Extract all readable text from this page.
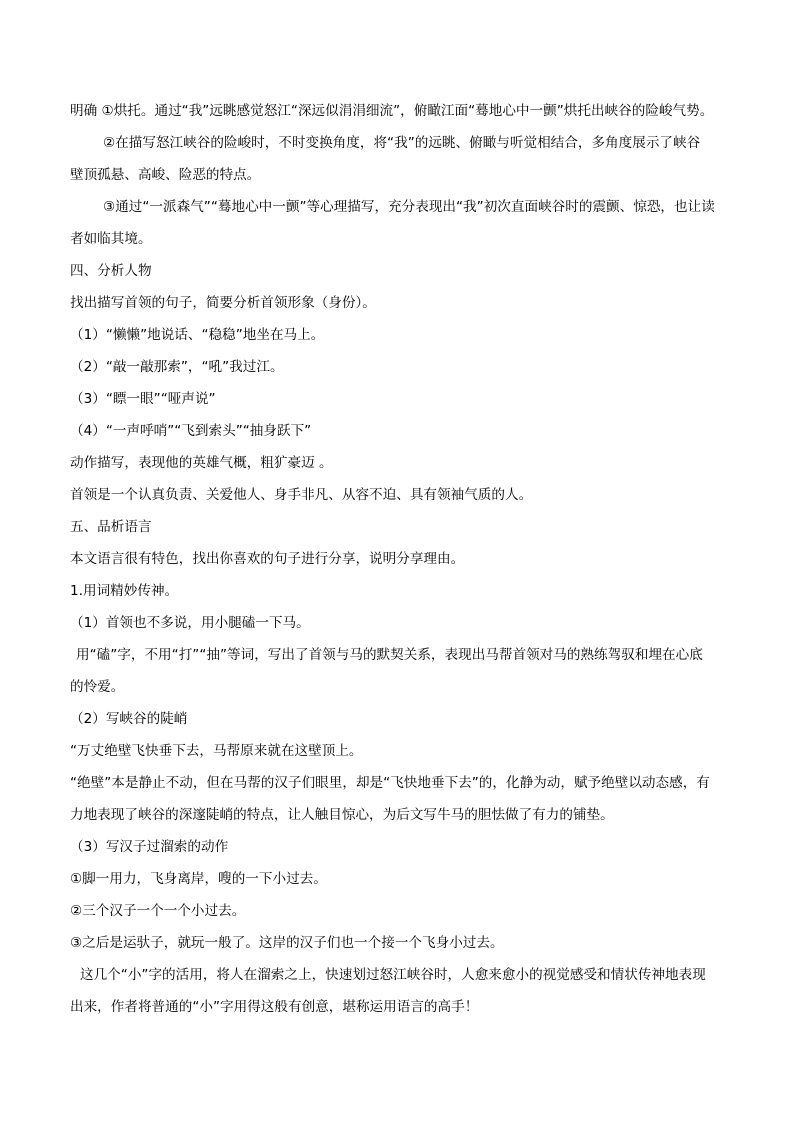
明确 ①烘托。通过“我”远眺感觉怒江“深远似涓涓细流”，俯瞰江面“蓦地心中一颤”烘托出峡谷的险峻气势。
②在描写怒江峡谷的险峻时，不时变换角度，将“我”的远眺、俯瞰与听觉相结合，多角度展示了峡谷
壁顶孤悬、高峻、险恶的特点。
③通过“一派森气”“蓦地心中一颤”等心理描写，充分表现出“我”初次直面峡谷时的震颤、惊恐，也让读
者如临其境。
四、分析人物
找出描写首领的句子，简要分析首领形象（身份）。
（1）“懒懒”地说话、“稳稳”地坐在马上。
（2）“敲一敲那索”，“吼”我过江。
（3）“瞟一眼”“哑声说”
（4）“一声呼哨”“飞到索头”“抽身跃下”
动作描写，表现他的英雄气概，粗犷豪迈 。
首领是一个认真负责、关爱他人、身手非凡、从容不迫、具有领袖气质的人。
五、品析语言
本文语言很有特色，找出你喜欢的句子进行分享，说明分享理由。
1.用词精妙传神。
（1）首领也不多说，用小腿磕一下马。
用“磕”字，不用“打”“抽”等词，写出了首领与马的默契关系，表现出马帮首领对马的熟练驾驭和埋在心底
的怜爱。
（2）写峡谷的陡峭
“万丈绝壁飞快垂下去，马帮原来就在这壁顶上。
“绝壁”本是静止不动，但在马帮的汉子们眼里，却是“飞快地垂下去”的，化静为动，赋予绝壁以动态感，有
力地表现了峡谷的深邃陡峭的特点，让人触目惊心，为后文写牛马的胆怯做了有力的铺垫。
（3）写汉子过溜索的动作
①脚一用力，飞身离岸，嗖的一下小过去。
②三个汉子一个一个小过去。
③之后是运驮子，就玩一般了。这岸的汉子们也一个接一个飞身小过去。
这几个“小”字的活用，将人在溜索之上，快速划过怒江峡谷时，人愈来愈小的视觉感受和情状传神地表现
出来，作者将普通的“小”字用得这般有创意，堪称运用语言的高手！
